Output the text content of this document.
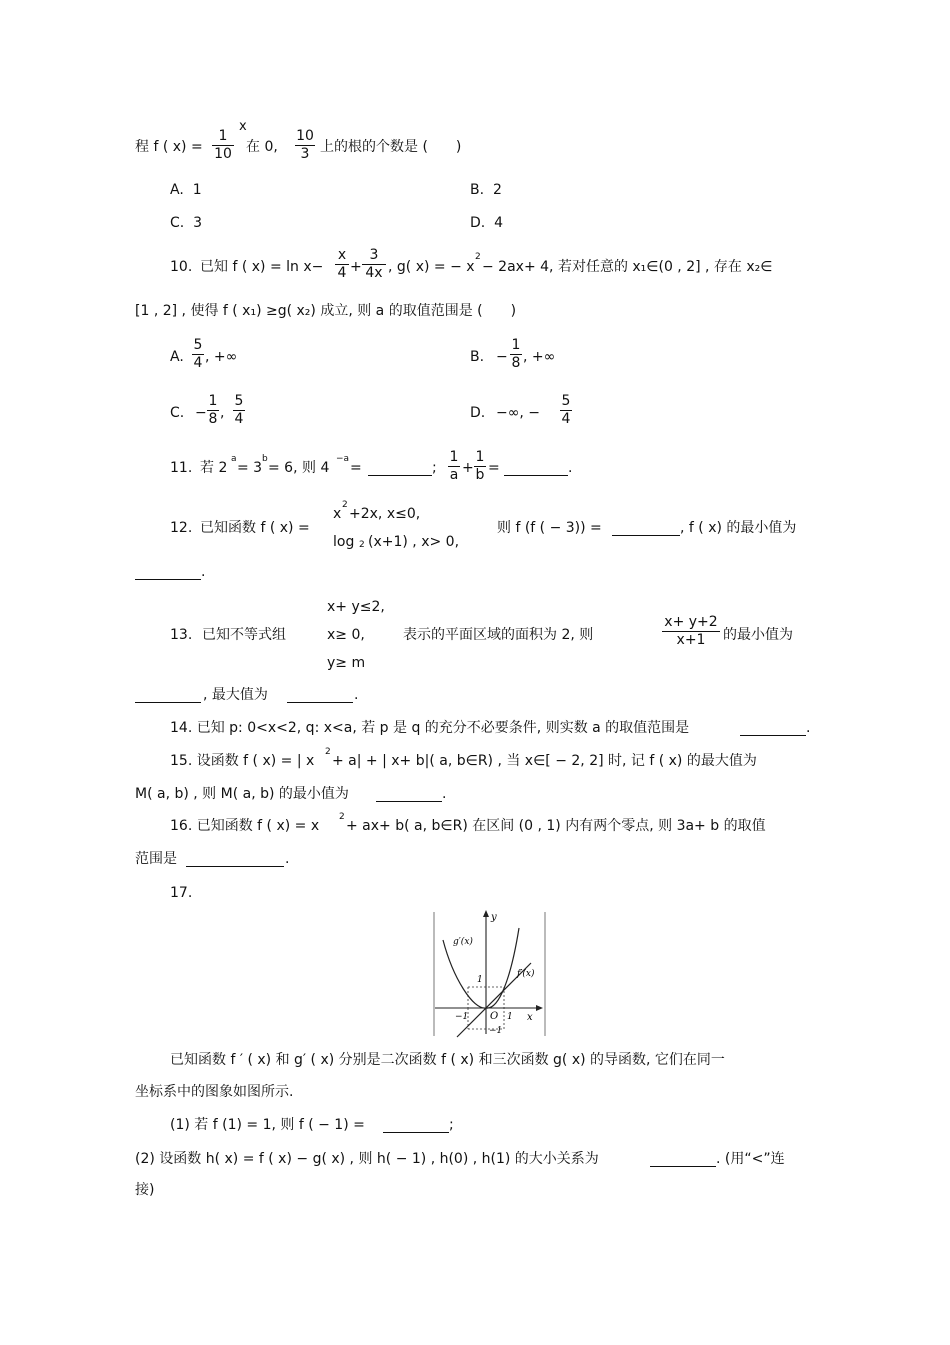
程 f ( x) =
1
10
x
在 0,
10
3 上的根的个数是 (　　)
A. 1	B. 2
C. 3	D. 4
10. 已知 f ( x) = ln x−
x
4 +
3
4x , g( x) = − x
2
− 2ax+ 4, 若对任意的 x₁∈(0 , 2] , 存在 x₂∈
[1 , 2] , 使得 f ( x₁) ≥g( x₂) 成立, 则 a 的取值范围是 (　　)
A.
5
4 , +∞	B. −
1
8 , +∞
C. −
1
8 ,
5
4	D. −∞, −
5
4
11. 若 2
a
= 3
b
= 6, 则 4
−a
=	;
1
a +
1
b =	.
12. 已知函数 f ( x) =
x
2
+2x, x≤0,
log 2 (x+1) , x> 0,
则 f (f ( − 3)) =	, f ( x) 的最小值为
.
x+ y≤2,
13. 已知不等式组	x≥ 0,	表示的平面区域的面积为 2, 则
x+ y+2
x+1	的最小值为
y≥ m
, 最大值为	.
14. 已知 p: 0<x<2, q: x<a, 若 p 是 q 的充分不必要条件, 则实数 a 的取值范围是	.
15. 设函数 f ( x) = | x
2
+ a| + | x+ b|( a, b∈R) , 当 x∈[ − 2, 2] 时, 记 f ( x) 的最大值为
M( a, b) , 则 M( a, b) 的最小值为	.
16. 已知函数 f ( x) = x
2
+ ax+ b( a, b∈R) 在区间 (0 , 1) 内有两个零点, 则 3a+ b 的取值
范围是	.
17.
y
x
O
g′(x)
f′(x)
1
−1
1
−1
已知函数 f ′ ( x) 和 g′ ( x) 分别是二次函数 f ( x) 和三次函数 g( x) 的导函数, 它们在同一
坐标系中的图象如图所示.
(1) 若 f (1) = 1, 则 f ( − 1) =	;
(2) 设函数 h( x) = f ( x) − g( x) , 则 h( − 1) , h(0) , h(1) 的大小关系为	. (用“<”连
接)
